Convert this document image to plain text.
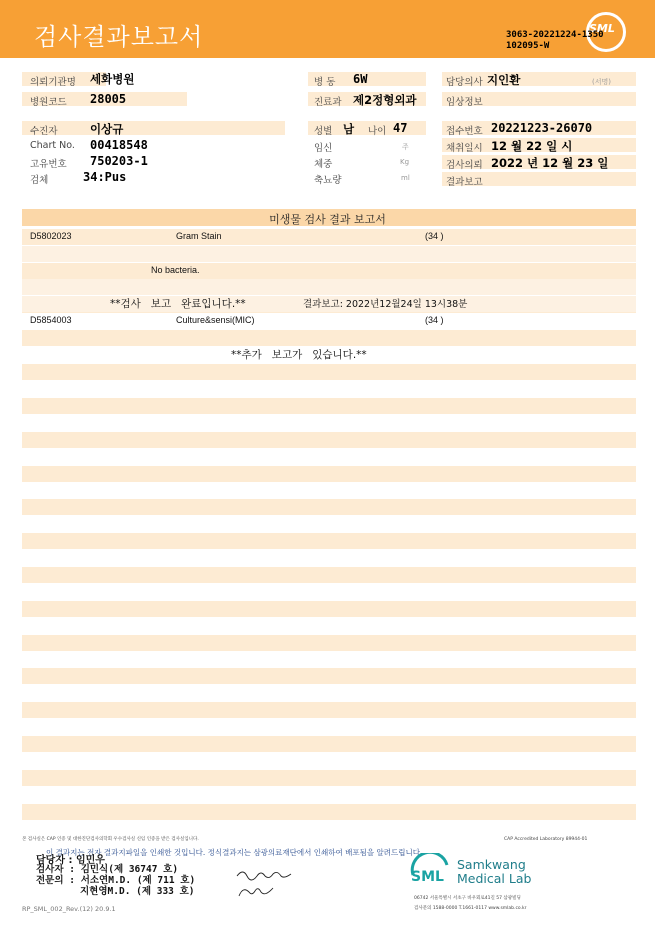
검사결과보고서	SML
3063-20221224-1350
102095-W
의뢰기관명 세화병원
병원코드 28005
병 동 6W
진료과 제2정형외과
담당의사 지인환	(서명)
임상정보
수진자	이상규
Chart No. 00418548
고유번호 750203-1
검체	34:Pus
성별 남 나이 47
임신	주
체중	Kg
축뇨량	ml
접수번호 20221223-26070
채취일시 12 월 22 일 시
검사의뢰 2022 년 12 월 23 일
결과보고
미생물 검사 결과 보고서
D5802023	Gram Stain	(34 )
No bacteria.
**검사   보고   완료입니다.**	결과보고: 2022년12월24일 13시38분
D5854003	Culture&sensi(MIC)	(34 )
**추가   보고가   있습니다.**
본 검사실은 CAP 인증 및 대한진단검사의학회 우수검사실 신임 인증을 받은 검사실입니다.	CAP Accredited Laboratory 89944-01
이 결과지는 전자 결과지파일을 인쇄한 것입니다. 정식결과지는 삼광의료재단에서 인쇄하여 배포됨을 알려드립니다.
담당자 : 임민우
검사자 : 김민식(제 36747 호)
전문의 : 서소연M.D. (제 711 호)
지현영M.D. (제 333 호)
SML
Samkwang
Medical Lab
06742 서울특별시 서초구 바우뫼로41길 57 삼광빌딩
검사문의 1588-0000 T.1661-0117 www.smlab.co.kr
RP_SML_002_Rev.(12) 20.9.1
